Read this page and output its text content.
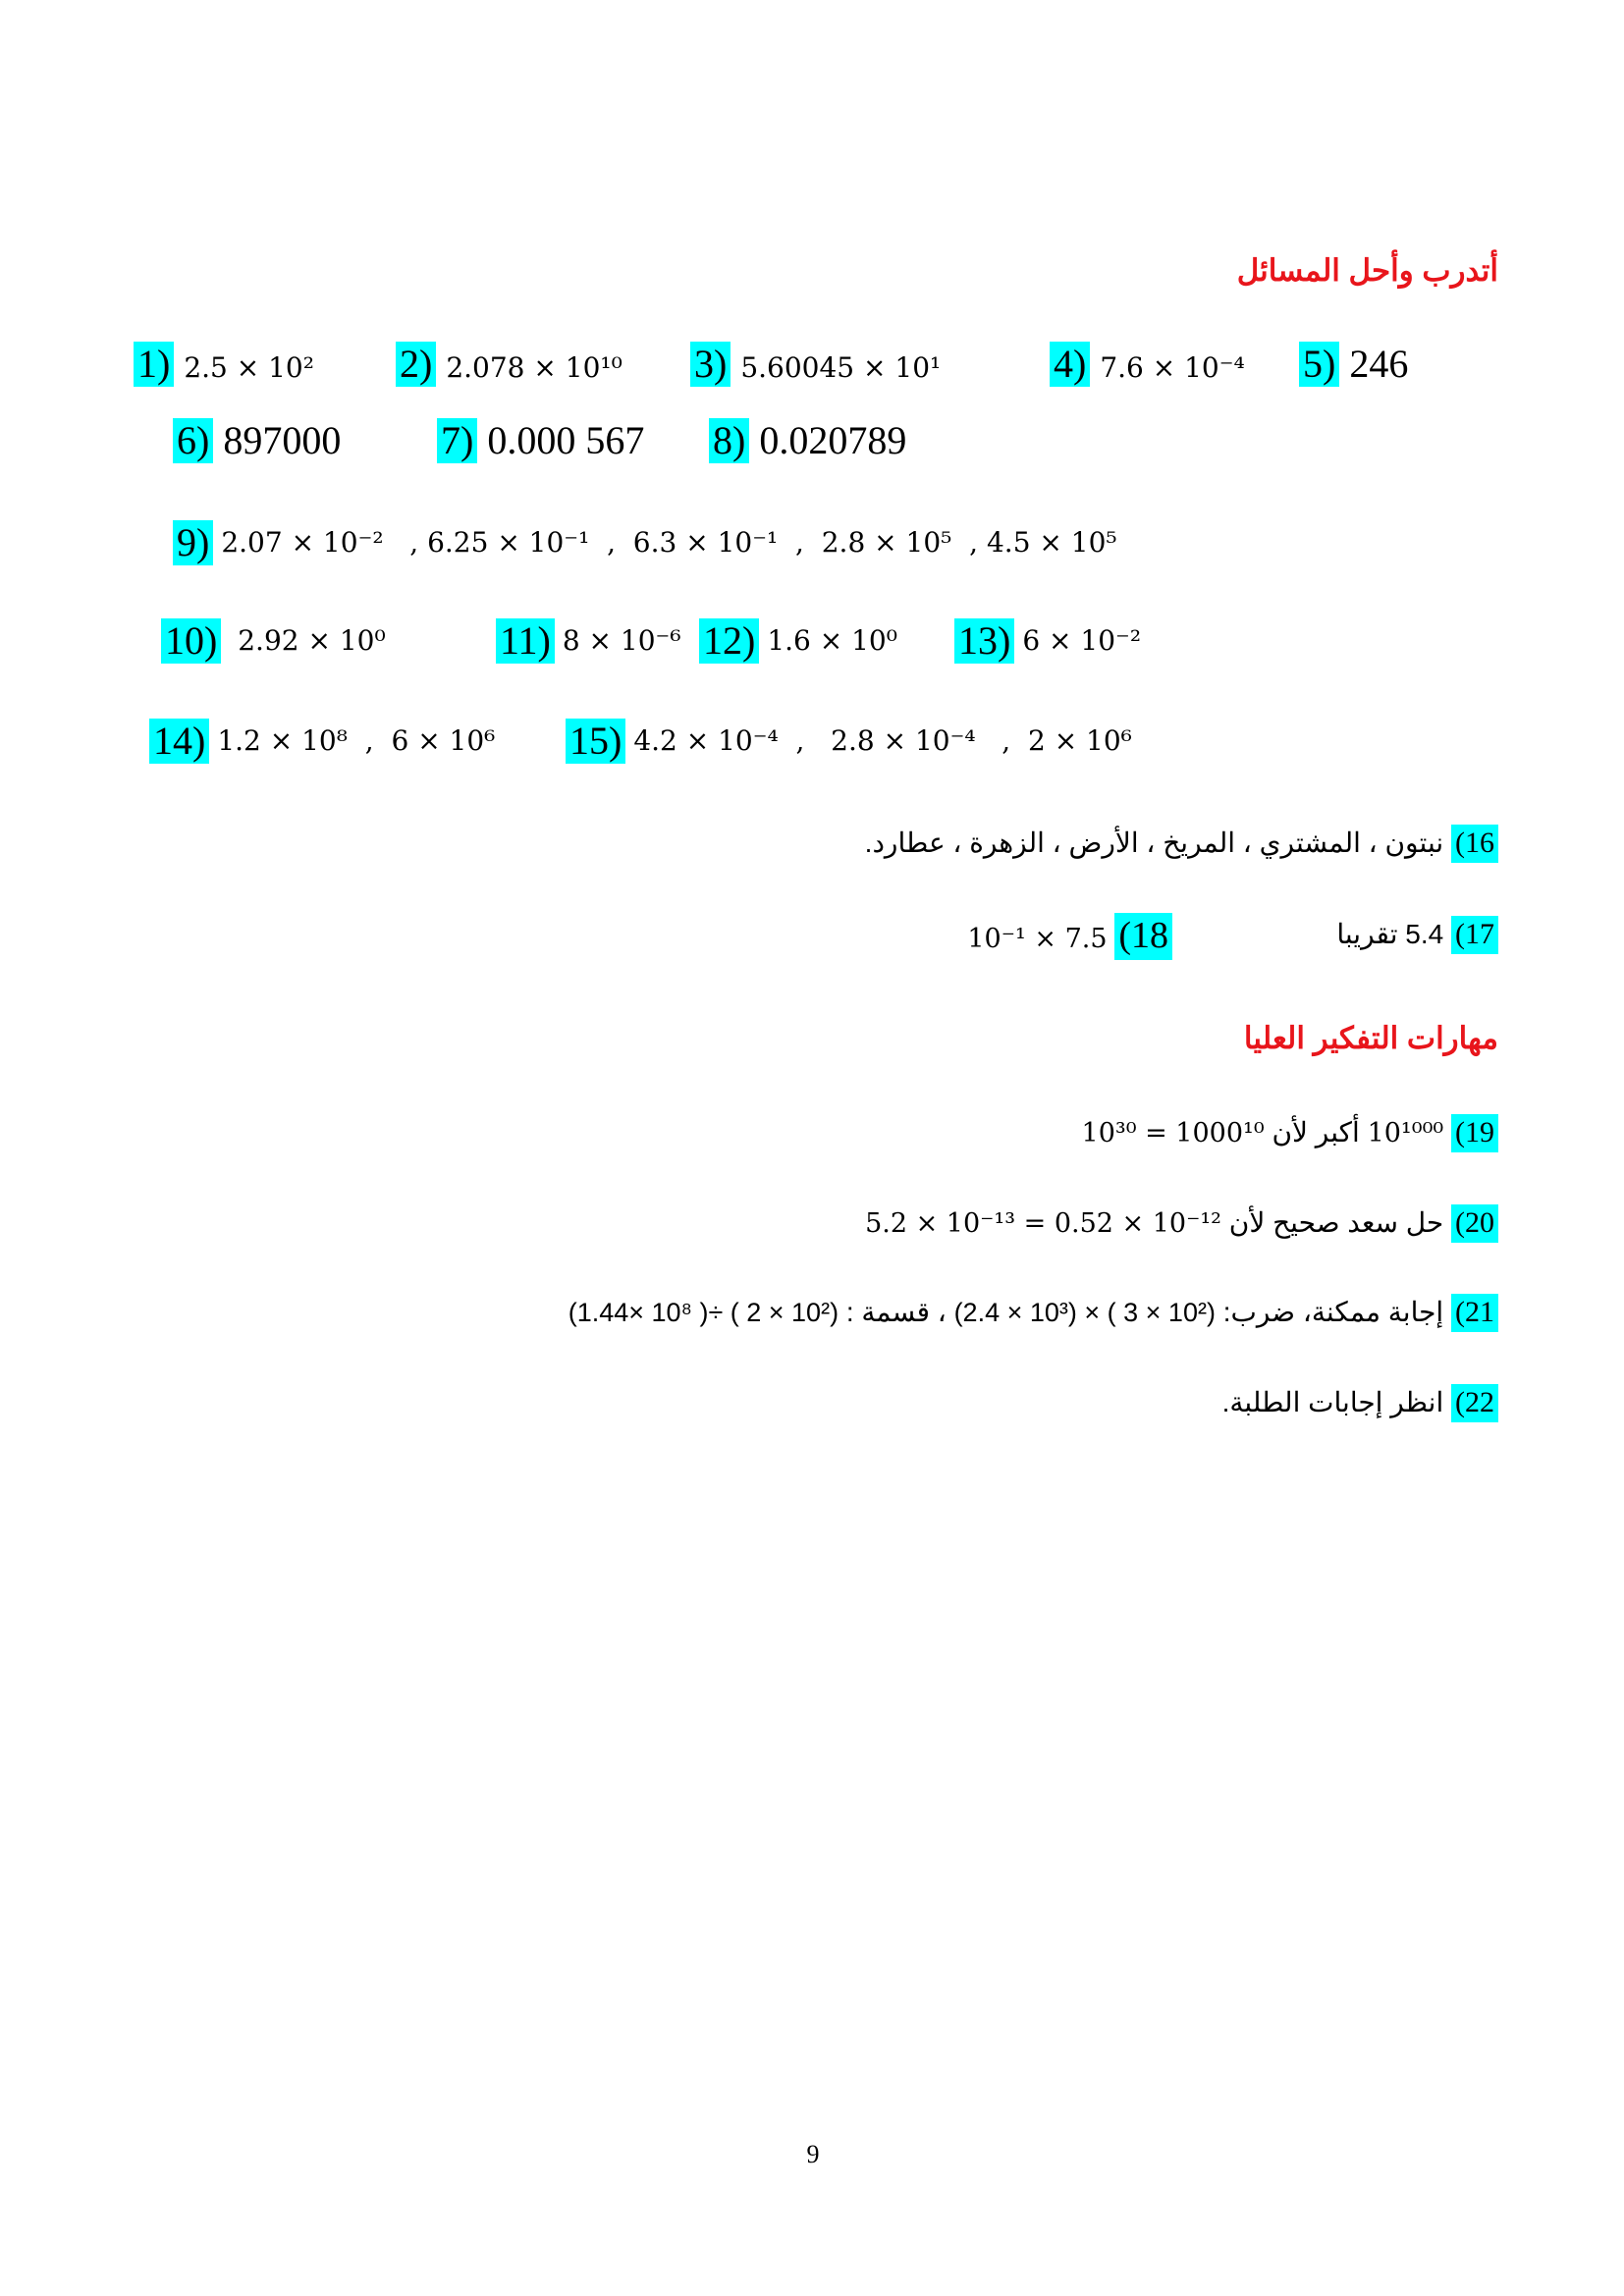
أتدرب وأحل المسائل
1) 2.5 × 10² 2) 2.078 × 10¹⁰ 3) 5.60045 × 10¹	4) 7.6 × 10⁻⁴ 5) 246
6) 897000	7) 0.000 567 8) 0.020789
9) 2.07 × 10⁻²   , 6.25 × 10⁻¹  ,  6.3 × 10⁻¹  ,  2.8 × 10⁵  , 4.5 × 10⁵
10) 2.92 × 10⁰	11) 8 × 10⁻⁶ 12) 1.6 × 10⁰ 13) 6 × 10⁻²
14) 1.2 × 10⁸  ,  6 × 10⁶ 15) 4.2 × 10⁻⁴  ,   2.8 × 10⁻⁴   ,  2 × 10⁶
16) نبتون ، المشتري ، المريخ ، الأرض ، الزهرة ، عطارد.
17) 5.4 تقريبا
18) 7.5 × 10⁻¹
مهارات التفكير العليا
19) 10¹⁰⁰⁰ أكبر لأن 10³⁰ = 1000¹⁰
20) حل سعد صحيح لأن 5.2 × 10⁻¹³ = 0.52 × 10⁻¹²
21) إجابة ممكنة، ضرب: (2.4 × 10³) × ( 3 × 10²) ، قسمة : (1.44× 10⁸ )÷ ( 2 × 10²)
22) انظر إجابات الطلبة.
9
